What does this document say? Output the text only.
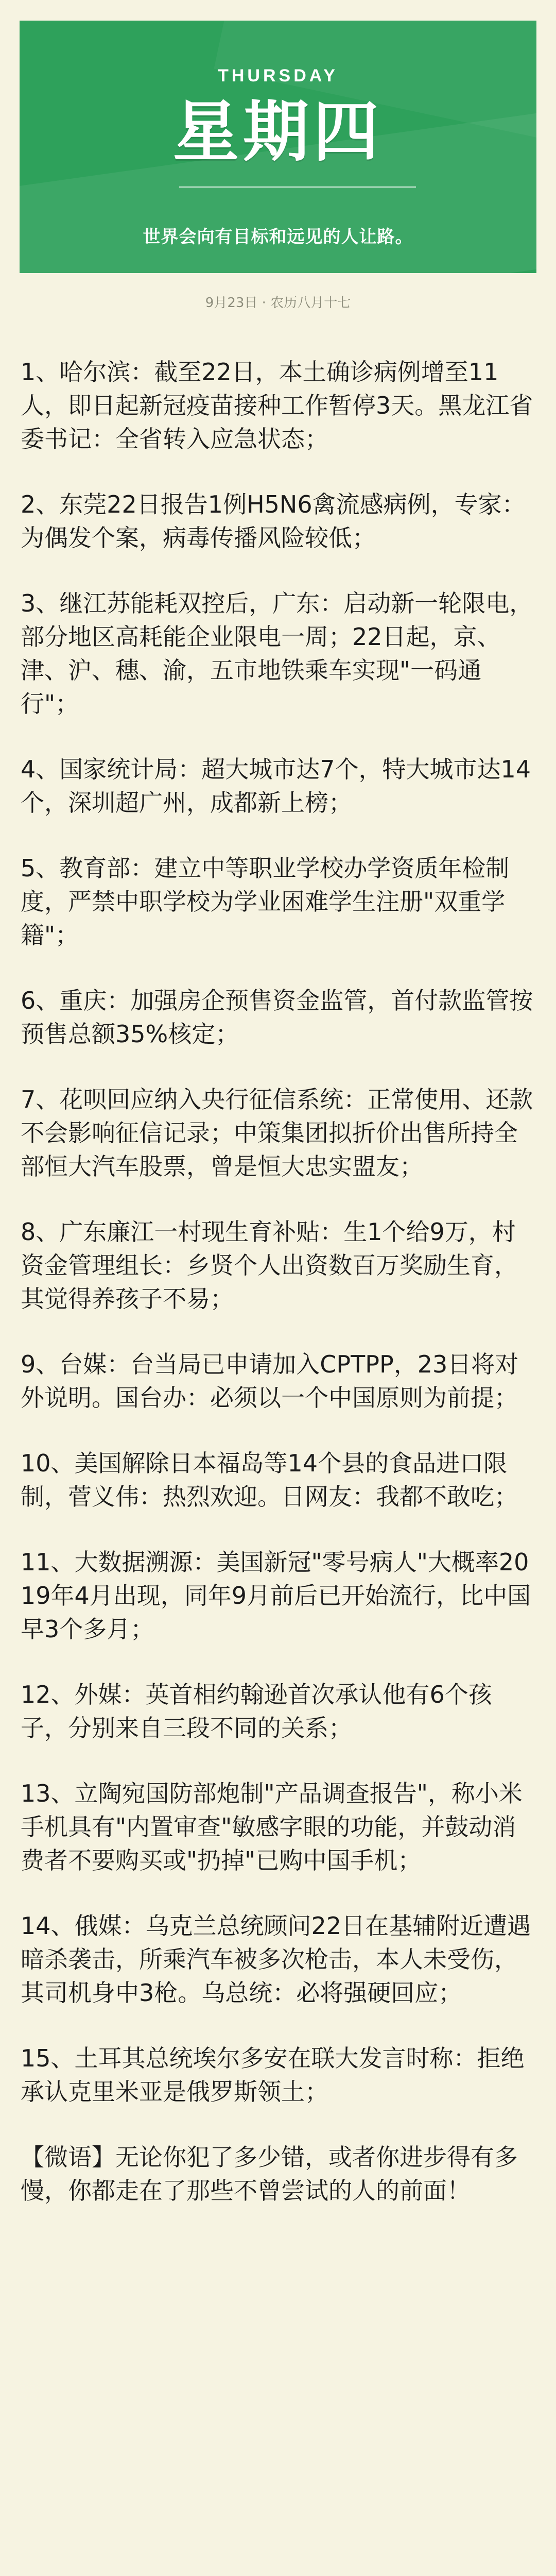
THURSDAY
星期四
世界会向有目标和远见的人让路。
9月23日 · 农历八月十七

1、哈尔滨：截至22日，本土确诊病例增至11人，即日起新冠疫苗接种工作暂停3天。黑龙江省委书记：全省转入应急状态；

2、东莞22日报告1例H5N6禽流感病例，专家：为偶发个案，病毒传播风险较低；

3、继江苏能耗双控后，广东：启动新一轮限电，部分地区高耗能企业限电一周；22日起，京、津、沪、穗、渝，五市地铁乘车实现"一码通行"；

4、国家统计局：超大城市达7个，特大城市达14个，深圳超广州，成都新上榜；

5、教育部：建立中等职业学校办学资质年检制度，严禁中职学校为学业困难学生注册"双重学籍"；

6、重庆：加强房企预售资金监管，首付款监管按预售总额35%核定；

7、花呗回应纳入央行征信系统：正常使用、还款不会影响征信记录；中策集团拟折价出售所持全部恒大汽车股票，曾是恒大忠实盟友；

8、广东廉江一村现生育补贴：生1个给9万，村资金管理组长：乡贤个人出资数百万奖励生育，其觉得养孩子不易；

9、台媒：台当局已申请加入CPTPP，23日将对外说明。国台办：必须以一个中国原则为前提；

10、美国解除日本福岛等14个县的食品进口限制，菅义伟：热烈欢迎。日网友：我都不敢吃；

11、大数据溯源：美国新冠"零号病人"大概率2019年4月出现，同年9月前后已开始流行，比中国早3个多月；

12、外媒：英首相约翰逊首次承认他有6个孩子，分别来自三段不同的关系；

13、立陶宛国防部炮制"产品调查报告"，称小米手机具有"内置审查"敏感字眼的功能，并鼓动消费者不要购买或"扔掉"已购中国手机；

14、俄媒：乌克兰总统顾问22日在基辅附近遭遇暗杀袭击，所乘汽车被多次枪击，本人未受伤，其司机身中3枪。乌总统：必将强硬回应；

15、土耳其总统埃尔多安在联大发言时称：拒绝承认克里米亚是俄罗斯领土；

【微语】无论你犯了多少错，或者你进步得有多慢，你都走在了那些不曾尝试的人的前面！
